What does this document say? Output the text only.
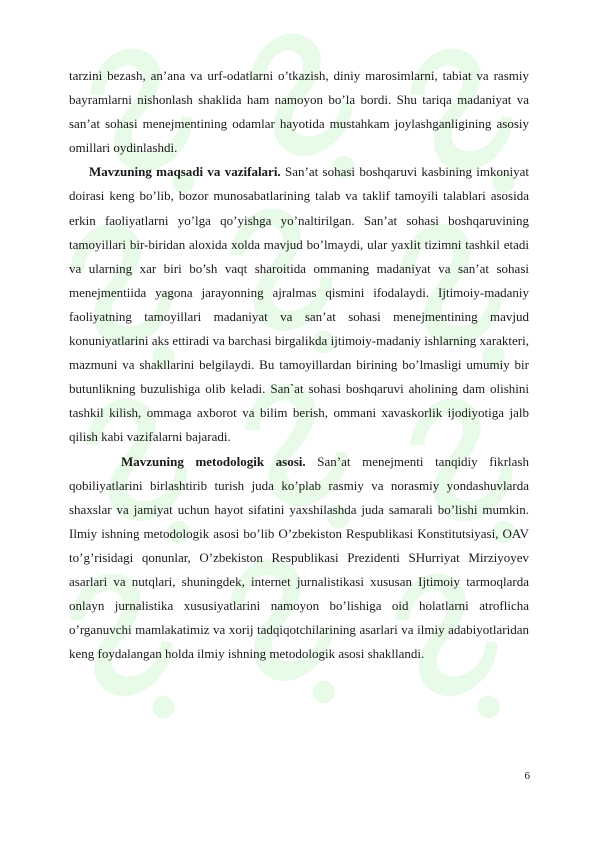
tarzini bezash, an’ana va urf-odatlarni o’tkazish, diniy marosimlarni, tabiat va rasmiy bayramlarni nishonlash shaklida ham namoyon bo’la bordi. Shu tariqa madaniyat va san’at sohasi menejmentining odamlar hayotida mustahkam joylashganligining asosiy omillari oydinlashdi.

Mavzuning maqsadi va vazifalari. San’at sohasi boshqaruvi kasbining imkoniyat doirasi keng bo’lib, bozor munosabatlarining talab va taklif tamoyili talablari asosida erkin faoliyatlarni yo’lga qo’yishga yo’naltirilgan. San’at sohasi boshqaruvining tamoyillari bir-biridan aloxida xolda mavjud bo’lmaydi, ular yaxlit tizimni tashkil etadi va ularning xar biri bo’sh vaqt sharoitida ommaning madaniyat va san’at sohasi menejmentiida yagona jarayonning ajralmas qismini ifodalaydi. Ijtimoiy-madaniy faoliyatning tamoyillari madaniyat va san’at sohasi menejmentining mavjud konuniyatlarini aks ettiradi va barchasi birgalikda ijtimoiy-madaniy ishlarning xarakteri, mazmuni va shakllarini belgilaydi. Bu tamoyillardan birining bo’lmasligi umumiy bir butunlikning buzulishiga olib keladi. San`at sohasi boshqaruvi aholining dam olishini tashkil kilish, ommaga axborot va bilim berish, ommani xavaskorlik ijodiyotiga jalb qilish kabi vazifalarni bajaradi.

Mavzuning metodologik asosi. San’at menejmenti tanqidiy fikrlash qobiliyatlarini birlashtirib turish juda ko’plab rasmiy va norasmiy yondashuvlarda shaxslar va jamiyat uchun hayot sifatini yaxshilashda juda samarali bo’lishi mumkin. Ilmiy ishning metodologik asosi bo’lib O’zbekiston Respublikasi Konstitutsiyasi, OAV to’g’risidagi qonunlar, O’zbekiston Respublikasi Prezidenti SHurriyat Mirziyoyev asarlari va nutqlari, shuningdek, internet jurnalistikasi xususan Ijtimoiy tarmoqlarda onlayn jurnalistika xususiyatlarini namoyon bo’lishiga oid holatlarni atroflicha o’rganuvchi mamlakatimiz va xorij tadqiqotchilarining asarlari va ilmiy adabiyotlaridan keng foydalangan holda ilmiy ishning metodologik asosi shakllandi.

6
